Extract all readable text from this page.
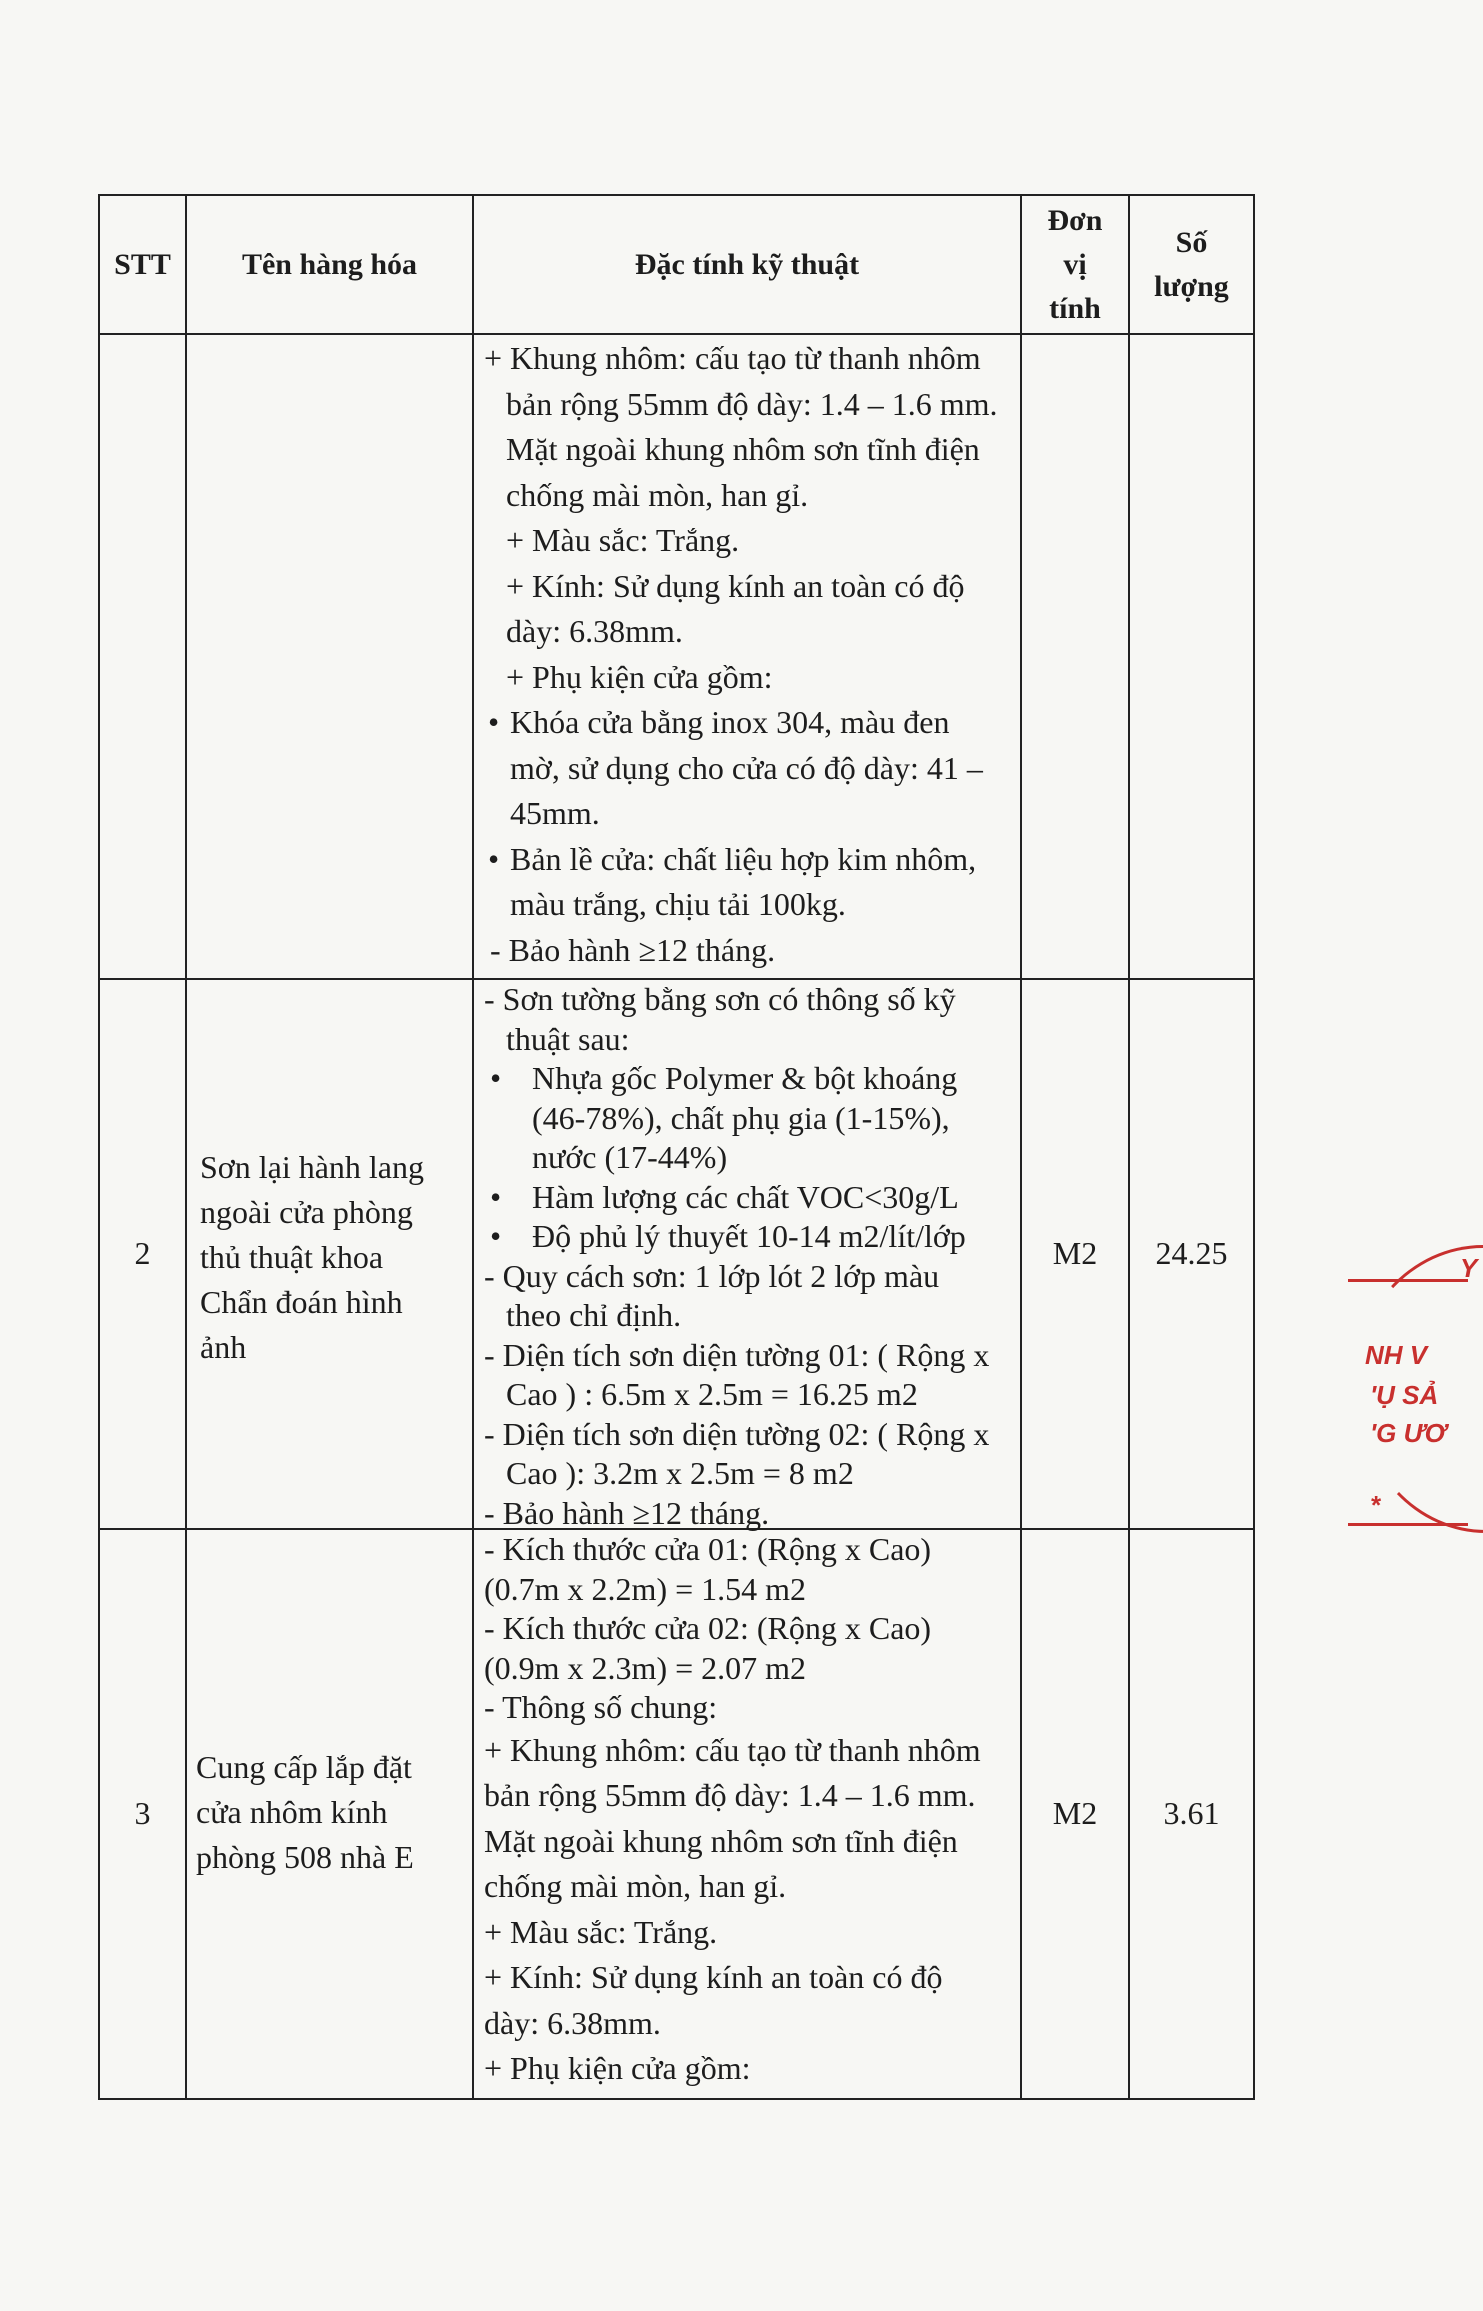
STT Tên hàng hóa	Đặc tính kỹ thuật
Đơn
vị
tính
Số
lượng
+ Khung nhôm: cấu tạo từ thanh nhôm
bản rộng 55mm độ dày: 1.4 – 1.6 mm.
Mặt ngoài khung nhôm sơn tĩnh điện
chống mài mòn, han gỉ.
+ Màu sắc: Trắng.
+ Kính: Sử dụng kính an toàn có độ
dày: 6.38mm.
+ Phụ kiện cửa gồm:
• Khóa cửa bằng inox 304, màu đen
mờ, sử dụng cho cửa có độ dày: 41 –
45mm.
• Bản lề cửa: chất liệu hợp kim nhôm,
màu trắng, chịu tải 100kg.
- Bảo hành ≥12 tháng.
2
Sơn lại hành lang
ngoài cửa phòng
thủ thuật khoa
Chẩn đoán hình
ảnh
- Sơn tường bằng sơn có thông số kỹ
thuật sau:
• Nhựa gốc Polymer & bột khoáng
(46-78%), chất phụ gia (1-15%),
nước (17-44%)
• Hàm lượng các chất VOC<30g/L
• Độ phủ lý thuyết 10-14 m2/lít/lớp
- Quy cách sơn: 1 lớp lót 2 lớp màu
theo chỉ định.
- Diện tích sơn diện tường 01: ( Rộng x
Cao ) : 6.5m x 2.5m = 16.25 m2
- Diện tích sơn diện tường 02: ( Rộng x
Cao ): 3.2m x 2.5m = 8 m2
- Bảo hành ≥12 tháng.
M2 24.25
3
Cung cấp lắp đặt
cửa nhôm kính
phòng 508 nhà E
- Kích thước cửa 01: (Rộng x Cao)
(0.7m x 2.2m) = 1.54 m2
- Kích thước cửa 02: (Rộng x Cao)
(0.9m x 2.3m) = 2.07 m2
- Thông số chung:
+ Khung nhôm: cấu tạo từ thanh nhôm
bản rộng 55mm độ dày: 1.4 – 1.6 mm.
Mặt ngoài khung nhôm sơn tĩnh điện
chống mài mòn, han gỉ.
+ Màu sắc: Trắng.
+ Kính: Sử dụng kính an toàn có độ
dày: 6.38mm.
+ Phụ kiện cửa gồm:
M2 3.61
Y
NH V
'Ụ SẢ
'G ƯƠ
*
